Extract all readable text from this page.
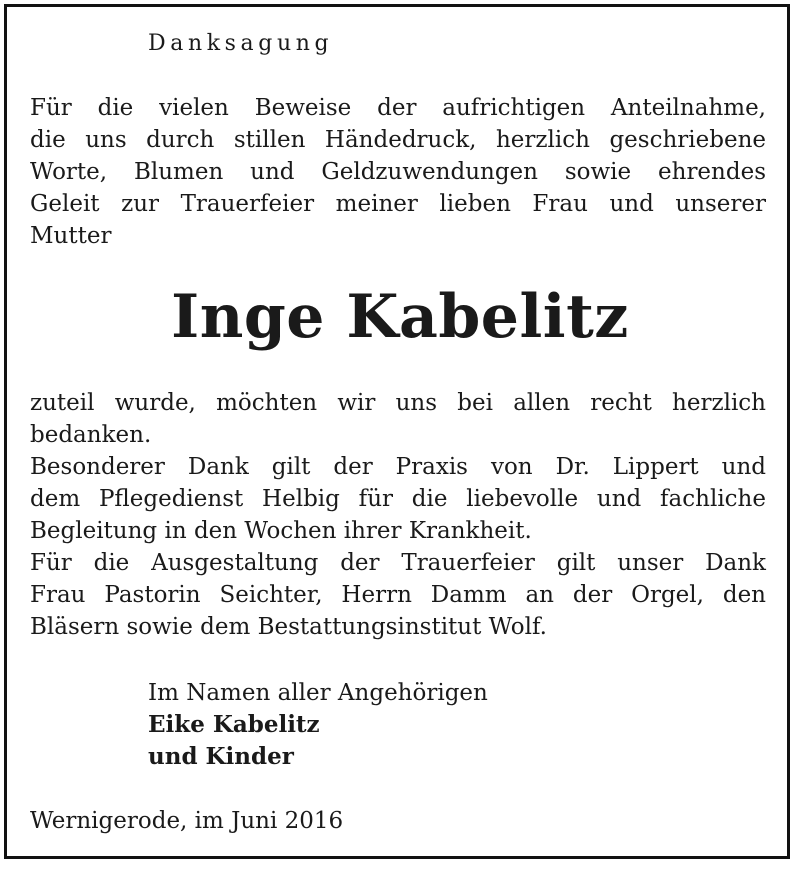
Danksagung
Für die vielen Beweise der aufrichtigen Anteilnahme,
die uns durch stillen Händedruck, herzlich geschriebene
Worte, Blumen und Geldzuwendungen sowie ehrendes
Geleit zur Trauerfeier meiner lieben Frau und unserer
Mutter
Inge Kabelitz
zuteil wurde, möchten wir uns bei allen recht herzlich
bedanken.
Besonderer Dank gilt der Praxis von Dr. Lippert und
dem Pflegedienst Helbig für die liebevolle und fachliche
Begleitung in den Wochen ihrer Krankheit.
Für die Ausgestaltung der Trauerfeier gilt unser Dank
Frau Pastorin Seichter, Herrn Damm an der Orgel, den
Bläsern sowie dem Bestattungsinstitut Wolf.
Im Namen aller Angehörigen
Eike Kabelitz
und Kinder
Wernigerode, im Juni 2016
